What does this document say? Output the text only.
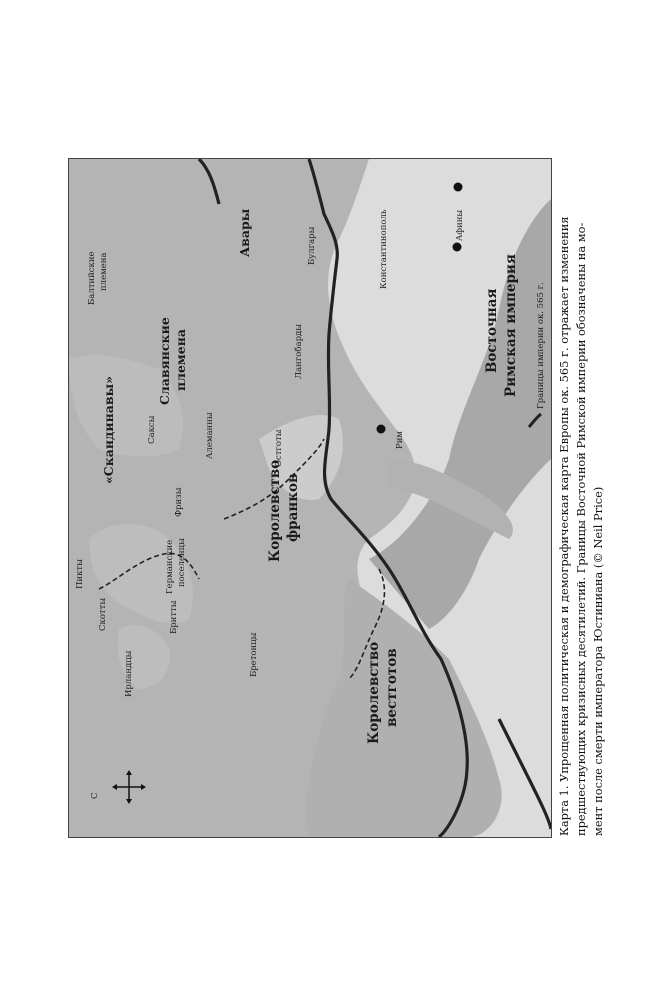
С
Балтийские племена
«Скандинавы»
Славянские племена
Авары
Саксы	Алеманны
Фризы
Остготы
Лангобарды
Булгары
Пикты
Скотты
Ирландцы
Бритты
Германские поселенцы
Королевство франков
Бретонцы	Королевство вестготов
Рим
Константинополь	Афины
Восточная Римская империя Границы империи ок. 565 г. Карта 1. Упрощенная политическая и демографическая карта Европы ок. 565 г. отражает изменения предшествующих кризисных десятилетий. Границы Восточной Римской империи обозначены на мо- мент после смерти императора Юстиниана (© Neil Price)
